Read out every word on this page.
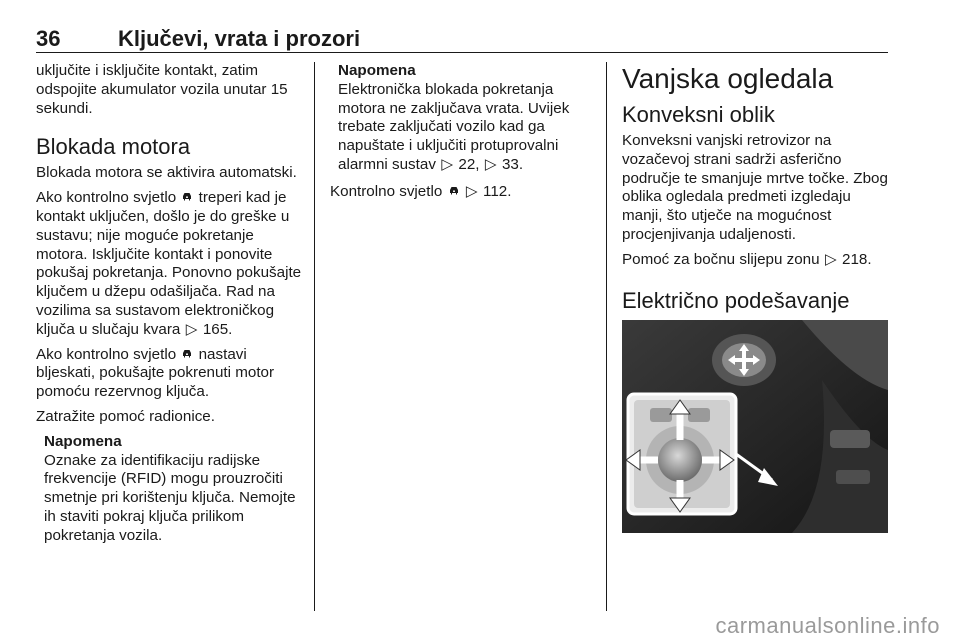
36	Ključevi, vrata i prozori

uključite i isključite kontakt, zatim odspojite akumulator vozila unutar 15 sekundi.

Blokada motora

Blokada motora se aktivira automatski.

Ako kontrolno svjetlo treperi kad je kontakt uključen, došlo je do greške u sustavu; nije moguće pokretanje motora. Isključite kontakt i ponovite pokušaj pokretanja. Ponovno pokušajte ključem u džepu odašiljača. Rad na vozilima sa sustavom elektroničkog ključa u slučaju kvara ▷ 165.

Ako kontrolno svjetlo nastavi bljeskati, pokušajte pokrenuti motor pomoću rezervnog ključa.

Zatražite pomoć radionice.

Napomena
Oznake za identifikaciju radijske frekvencije (RFID) mogu prouzročiti smetnje pri korištenju ključa. Nemojte ih staviti pokraj ključa prilikom pokretanja vozila.
Napomena
Elektronička blokada pokretanja motora ne zaključava vrata. Uvijek trebate zaključati vozilo kad ga napuštate i uključiti protuprovalni alarmni sustav ▷ 22, ▷ 33.

Kontrolno svjetlo ▷ 112.

Vanjska ogledala
Konveksni oblik

Konveksni vanjski retrovizor na vozačevoj strani sadrži asferično područje te smanjuje mrtve točke. Zbog oblika ogledala predmeti izgledaju manji, što utječe na mogućnost procjenjivanja udaljenosti.

Pomoć za bočnu slijepu zonu ▷ 218.

Električno podešavanje
carmanualsonline.info
